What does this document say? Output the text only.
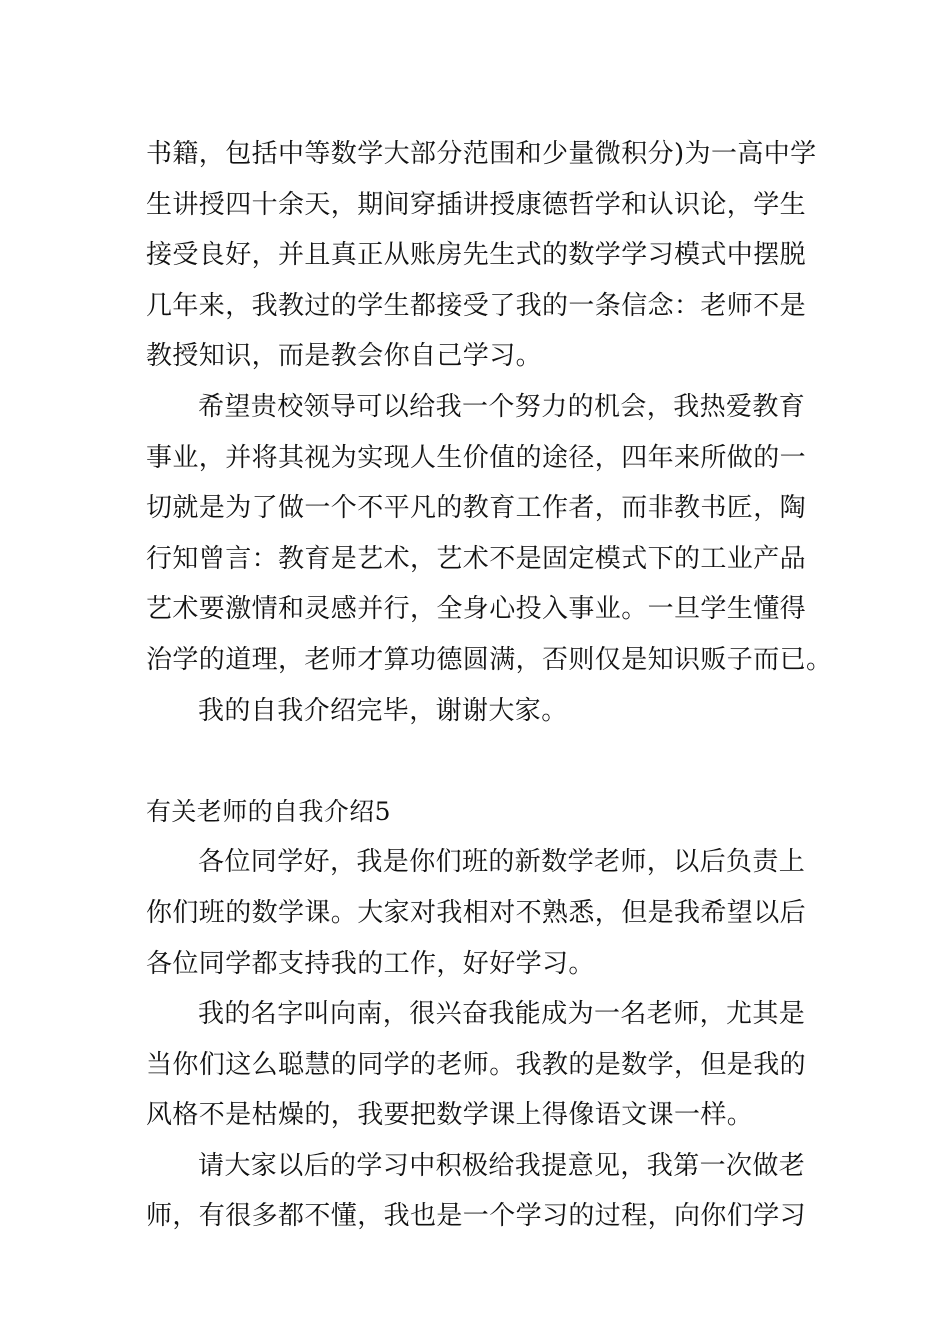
书籍，包括中等数学大部分范围和少量微积分)为一高中学
生讲授四十余天，期间穿插讲授康德哲学和认识论，学生
接受良好，并且真正从账房先生式的数学学习模式中摆脱
几年来，我教过的学生都接受了我的一条信念：老师不是
教授知识，而是教会你自己学习。
希望贵校领导可以给我一个努力的机会，我热爱教育
事业，并将其视为实现人生价值的途径，四年来所做的一
切就是为了做一个不平凡的教育工作者，而非教书匠，陶
行知曾言：教育是艺术，艺术不是固定模式下的工业产品
艺术要激情和灵感并行，全身心投入事业。一旦学生懂得
治学的道理，老师才算功德圆满，否则仅是知识贩子而已。
我的自我介绍完毕，谢谢大家。
有关老师的自我介绍5
各位同学好，我是你们班的新数学老师，以后负责上
你们班的数学课。大家对我相对不熟悉，但是我希望以后
各位同学都支持我的工作，好好学习。
我的名字叫向南，很兴奋我能成为一名老师，尤其是
当你们这么聪慧的同学的老师。我教的是数学，但是我的
风格不是枯燥的，我要把数学课上得像语文课一样。
请大家以后的学习中积极给我提意见，我第一次做老
师，有很多都不懂，我也是一个学习的过程，向你们学习
